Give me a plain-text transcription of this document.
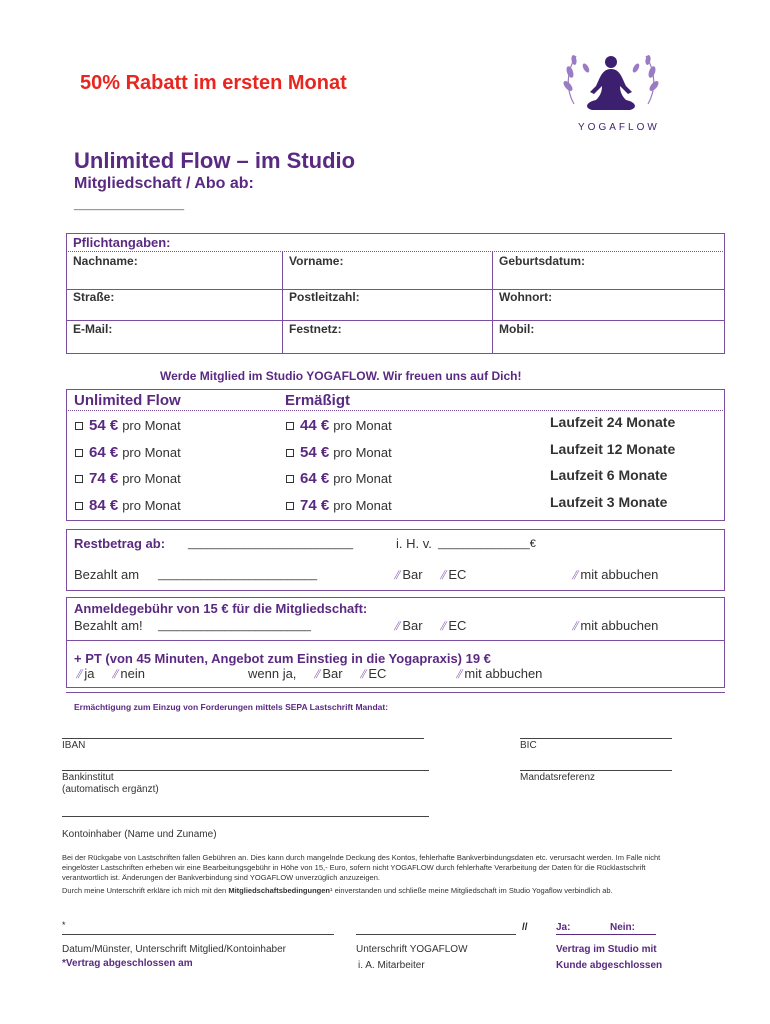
50% Rabatt im ersten Monat
YOGAFLOW
Unlimited Flow – im Studio
Mitgliedschaft / Abo ab:
______________________
Pflichtangaben:
Nachname:	Vorname:	Geburtsdatum:
Straße:	Postleitzahl:	Wohnort:
E-Mail:	Festnetz:	Mobil:
Werde Mitglied im Studio YOGAFLOW. Wir freuen uns auf Dich!
Unlimited Flow	Ermäßigt
54 € pro Monat	44 € pro Monat	Laufzeit 24 Monate
64 € pro Monat	54 € pro Monat	Laufzeit 12 Monate
74 € pro Monat	64 € pro Monat	Laufzeit 6 Monate
84 € pro Monat	74 € pro Monat	Laufzeit 3 Monate
Restbetrag ab: ___________________________	i. H. v. _______________€
Bezahlt am __________________________	⫽ Bar ⫽ EC	⫽ mit abbuchen
Anmeldegebühr von 15 € für die Mitgliedschaft:
Bezahlt am! _________________________	⫽ Bar ⫽ EC	⫽ mit abbuchen
+ PT (von 45 Minuten, Angebot zum Einstieg in die Yogapraxis) 19 €
⫽ ja ⫽ nein	wenn ja, ⫽ Bar ⫽ EC	⫽ mit abbuchen
Ermächtigung zum Einzug von Forderungen mittels SEPA Lastschrift Mandat:
IBAN	BIC
Bankinstitut
(automatisch ergänzt)
Mandatsreferenz
Kontoinhaber (Name und Zuname)
Bei der Rückgabe von Lastschriften fallen Gebühren an. Dies kann durch mangelnde Deckung des Kontos, fehlerhafte Bankverbindungsdaten etc. verursacht werden. Im Falle nicht eingelöster Lastschriften erheben wir eine Bearbeitungsgebühr in Höhe von 15,- Euro, sofern nicht YOGAFLOW durch fehlerhafte Verarbeitung der Daten für die Rücklastschrift verantwortlich ist. Änderungen der Bankverbindung sind YOGAFLOW unverzüglich anzuzeigen.
Durch meine Unterschrift erkläre ich mich mit den Mitgliedschaftsbedingungen¹ einverstanden und schließe meine Mitgliedschaft im Studio Yogaflow verbindlich ab.
*	//	Ja:	Nein:
Datum/Münster, Unterschrift Mitglied/Kontoinhaber
*Vertrag abgeschlossen am
Unterschrift YOGAFLOW
i. A. Mitarbeiter
Vertrag im Studio mit
Kunde abgeschlossen
